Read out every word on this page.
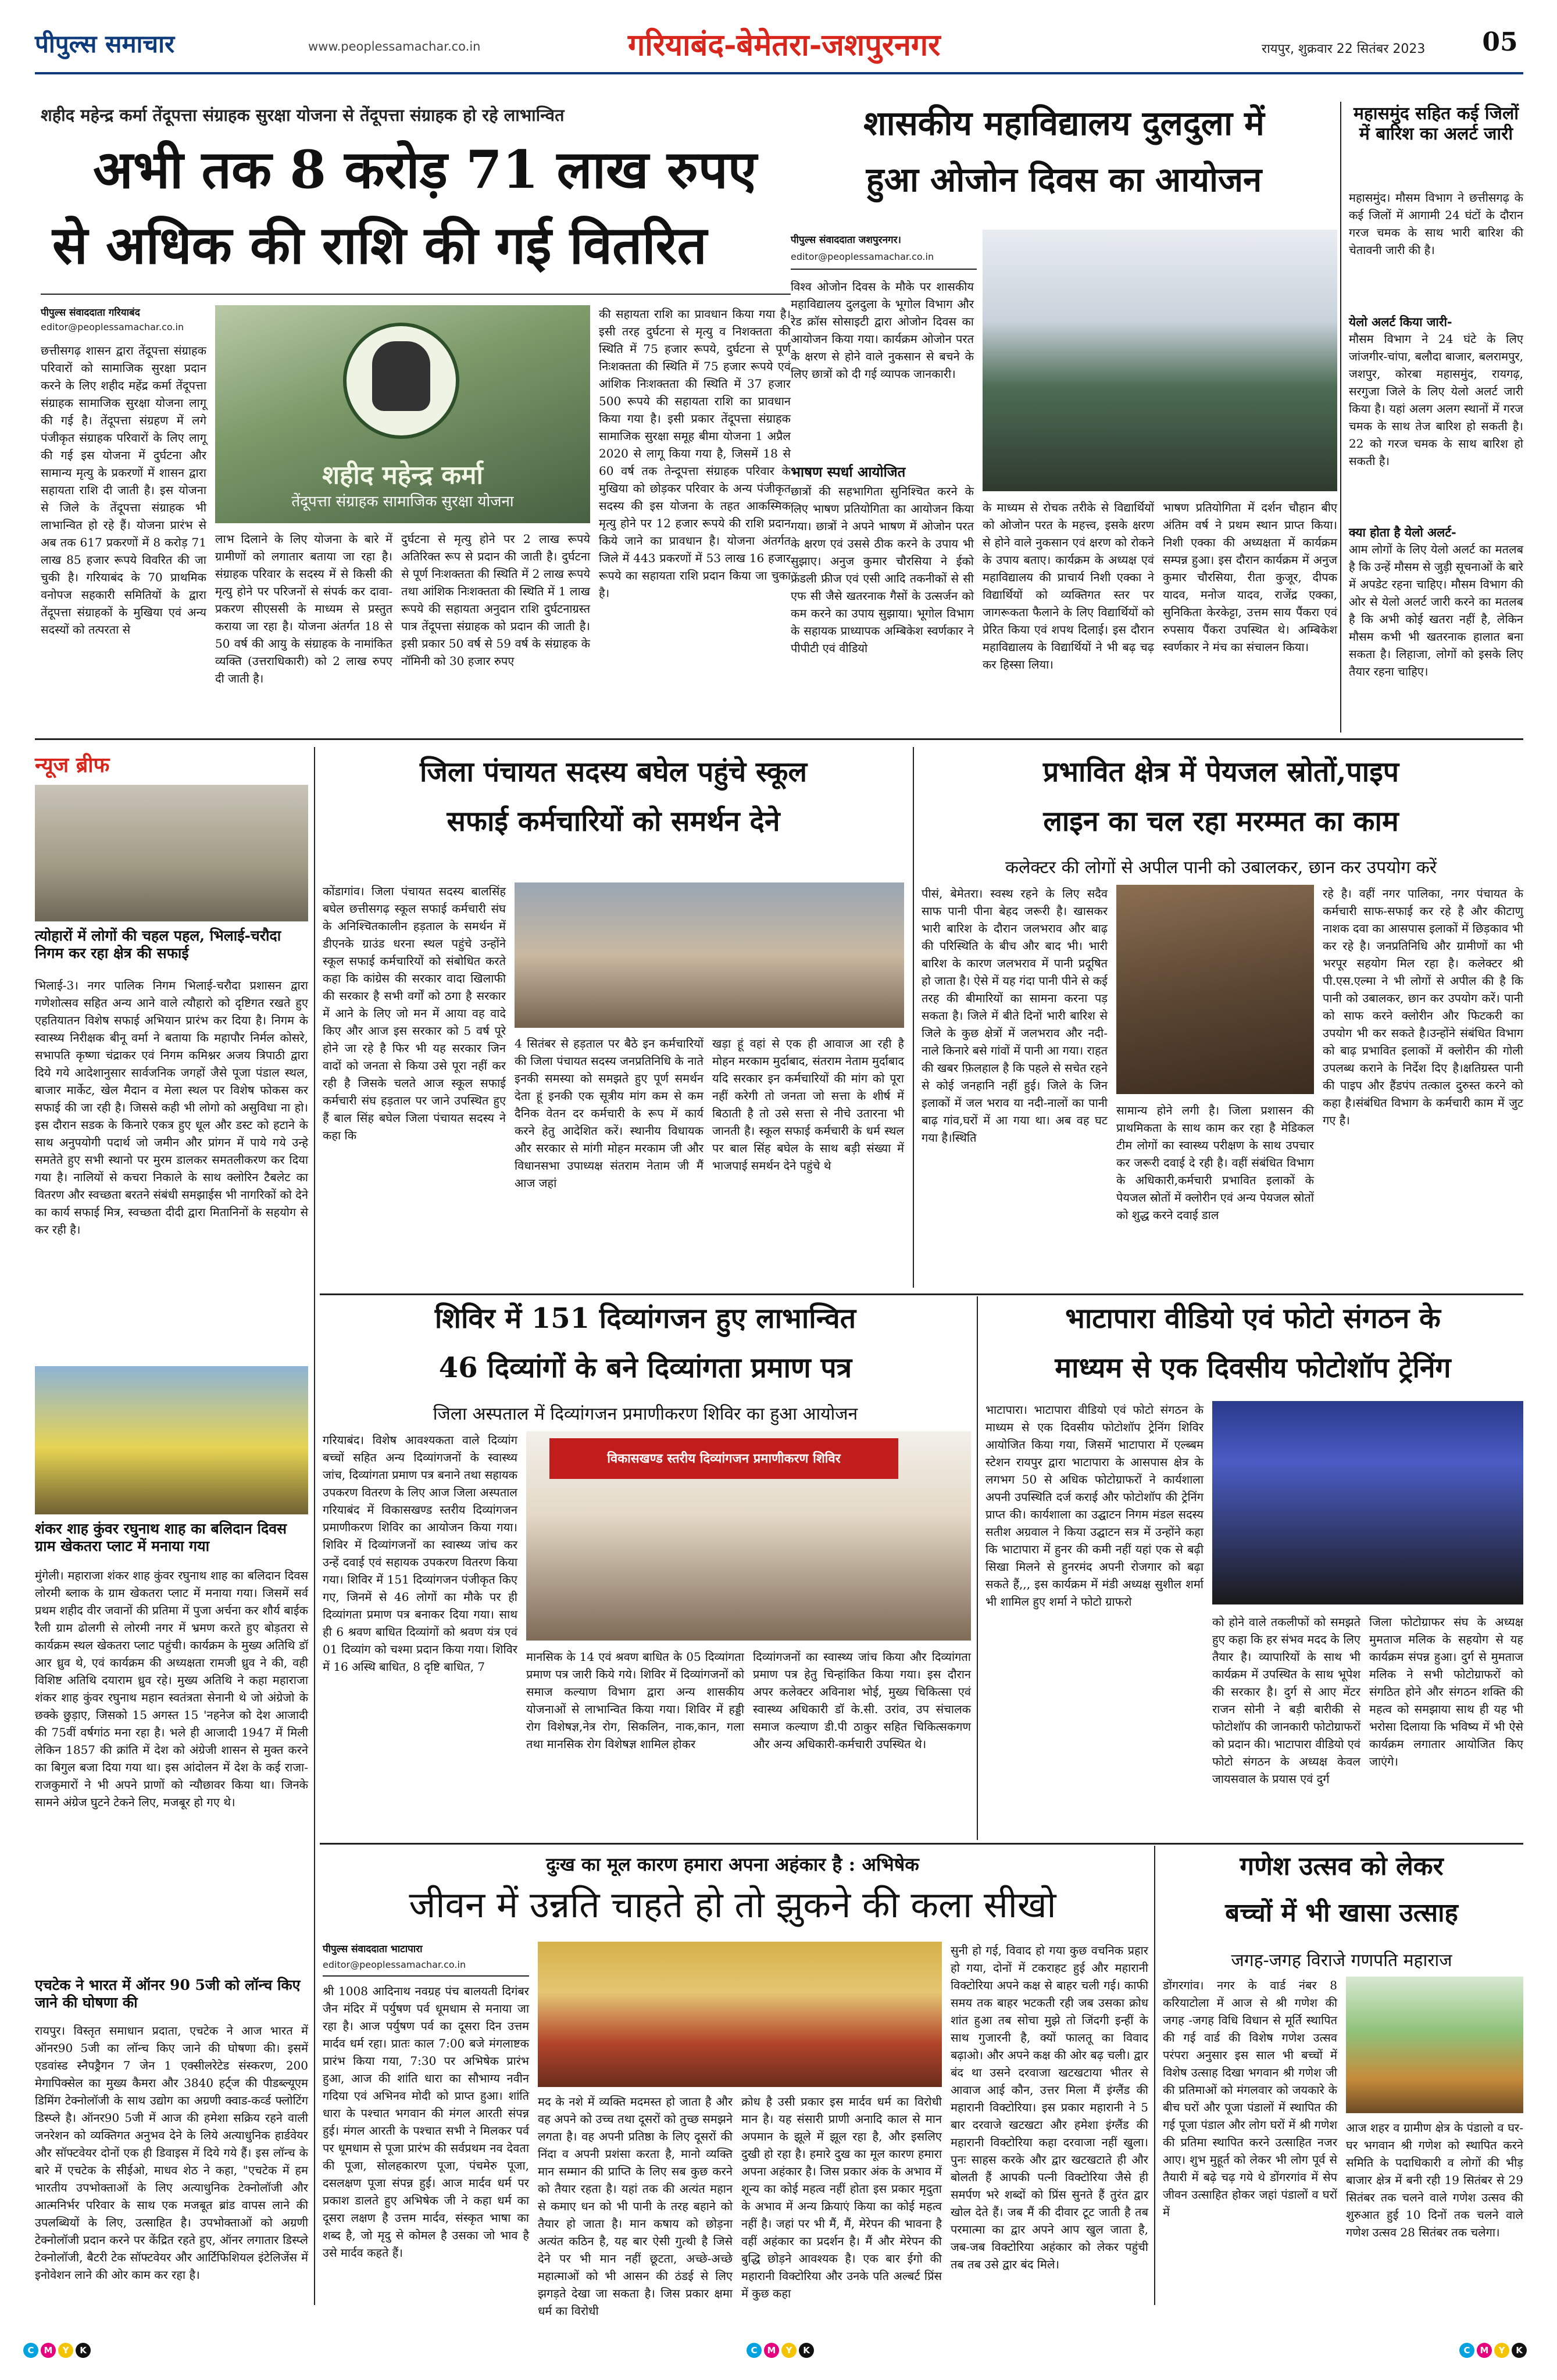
पीपुल्स समाचार	www.peoplessamachar.co.in	गरियाबंद-बेमेतरा-जशपुरनगर	रायपुर, शुक्रवार 22 सितंबर 2023 05
शहीद महेन्द्र कर्मा तेंदूपत्ता संग्राहक सुरक्षा योजना से तेंदूपत्ता संग्राहक हो रहे लाभान्वित
अभी तक 8 करोड़ 71 लाख रुपए
से अधिक की राशि की गई वितरित
पीपुल्स संवाददाता गरियाबंद
editor@peoplessamachar.co.in
छत्तीसगढ़ शासन द्वारा तेंदूपत्ता संग्राहक परिवारों को सामाजिक सुरक्षा प्रदान करने के लिए शहीद महेंद्र कर्मा तेंदूपत्ता संग्राहक सामाजिक सुरक्षा योजना लागू की गई है। तेंदूपत्ता संग्रहण में लगे पंजीकृत संग्राहक परिवारों के लिए लागू की गई इस योजना में दुर्घटना और सामान्य मृत्यु के प्रकरणों में शासन द्वारा सहायता राशि दी जाती है। इस योजना से जिले के तेंदूपत्ता संग्राहक भी लाभान्वित हो रहे हैं। योजना प्रारंभ से अब तक 617 प्रकरणों में 8 करोड़ 71 लाख 85 हजार रूपये विवरित की जा चुकी है। गरियाबंद के 70 प्राथमिक वनोपज सहकारी समितियों के द्वारा तेंदूपत्ता संग्राहकों के मुखिया एवं अन्य सदस्यों को तत्परता से
शहीद महेन्द्र कर्मा
तेंदूपत्ता संग्राहक सामाजिक सुरक्षा योजना
लाभ दिलाने के लिए योजना के बारे में ग्रामीणों को लगातार बताया जा रहा है। संग्राहक परिवार के सदस्य में से किसी की मृत्यु होने पर परिजनों से संपर्क कर दावा-प्रकरण सीएससी के माध्यम से प्रस्तुत कराया जा रहा है। योजना अंतर्गत 18 से 50 वर्ष की आयु के संग्राहक के नामांकित व्यक्ति (उत्तराधिकारी) को 2 लाख रुपए दी जाती है।
दुर्घटना से मृत्यु होने पर 2 लाख रूपये अतिरिक्त रूप से प्रदान की जाती है। दुर्घटना से पूर्ण निःशक्तता की स्थिति में 2 लाख रूपये तथा आंशिक निःशक्तता की स्थिति में 1 लाख रूपये की सहायता अनुदान राशि दुर्घटनाग्रस्त पात्र तेंदूपत्ता संग्राहक को प्रदान की जाती है। इसी प्रकार 50 वर्ष से 59 वर्ष के संग्राहक के नॉमिनी को 30 हजार रुपए
की सहायता राशि का प्रावधान किया गया है। इसी तरह दुर्घटना से मृत्यु व निशक्तता की स्थिति में 75 हजार रूपये, दुर्घटना से पूर्ण निःशक्तता की स्थिति में 75 हजार रूपये एवं आंशिक निःशक्तता की स्थिति में 37 हजार 500 रूपये की सहायता राशि का प्रावधान किया गया है। इसी प्रकार तेंदूपत्ता संग्राहक सामाजिक सुरक्षा समूह बीमा योजना 1 अप्रैल 2020 से लागू किया गया है, जिसमें 18 से 60 वर्ष तक तेन्दूपत्ता संग्राहक परिवार के मुखिया को छोड़कर परिवार के अन्य पंजीकृत सदस्य की इस योजना के तहत आकस्मिक मृत्यु होने पर 12 हजार रूपये की राशि प्रदान किये जाने का प्रावधान है। योजना अंतर्गत जिले में 443 प्रकरणों में 53 लाख 16 हजार रूपये का सहायता राशि प्रदान किया जा चुका है।
शासकीय महाविद्यालय दुलदुला में
हुआ ओजोन दिवस का आयोजन
पीपुल्स संवाददाता जशपुरनगर।
editor@peoplessamachar.co.in
विश्व ओजोन दिवस के मौके पर शासकीय महाविद्यालय दुलदुला के भूगोल विभाग और रेड क्रॉस सोसाइटी द्वारा ओजोन दिवस का आयोजन किया गया। कार्यक्रम ओजोन परत के क्षरण से होने वाले नुकसान से बचने के लिए छात्रों को दी गई व्यापक जानकारी।
भाषण स्पर्धा आयोजित
छात्रों की सहभागिता सुनिश्चित करने के लिए भाषण प्रतियोगिता का आयोजन किया गया। छात्रों ने अपने भाषण में ओजोन परत के क्षरण एवं उससे ठीक करने के उपाय भी सुझाए। अनुज कुमार चौरसिया ने ईको फ्रेंडली फ्रीज एवं एसी आदि तकनीकों से सी एफ सी जैसे खतरनाक गैसों के उत्सर्जन को कम करने का उपाय सुझाया। भूगोल विभाग के सहायक प्राध्यापक अम्बिकेश स्वर्णकार ने पीपीटी एवं वीडियो
के माध्यम से रोचक तरीके से विद्यार्थियों को ओजोन परत के महत्त्व, इसके क्षरण से होने वाले नुकसान एवं क्षरण को रोकने के उपाय बताए। कार्यक्रम के अध्यक्ष एवं महाविद्यालय की प्राचार्य निशी एक्का ने विद्यार्थियों को व्यक्तिगत स्तर पर जागरूकता फैलाने के लिए विद्यार्थियों को प्रेरित किया एवं शपथ दिलाई। इस दौरान महाविद्यालय के विद्यार्थियों ने भी बढ़ चढ़ कर हिस्सा लिया।
भाषण प्रतियोगिता में दर्शन चौहान बीए अंतिम वर्ष ने प्रथम स्थान प्राप्त किया। निशी एक्का की अध्यक्षता में कार्यक्रम सम्पन्न हुआ। इस दौरान कार्यक्रम में अनुज कुमार चौरसिया, रीता कुजूर, दीपक यादव, मनोज यादव, राजेंद्र एक्का, सुनिकिता केरकेट्टा, उत्तम साय पैंकरा एवं रुपसाय पैंकरा उपस्थित थे। अम्बिकेश स्वर्णकार ने मंच का संचालन किया।
महासमुंद सहित कई जिलों में बारिश का अलर्ट जारी
महासमुंद। मौसम विभाग ने छत्तीसगढ़ के कई जिलों में आगामी 24 घंटों के दौरान गरज चमक के साथ भारी बारिश की चेतावनी जारी की है।
येलो अलर्ट किया जारी-
मौसम विभाग ने 24 घंटे के लिए जांजगीर-चांपा, बलौदा बाजार, बलरामपुर, जशपुर, कोरबा महासमुंद, रायगढ़, सरगुजा जिले के लिए येलो अलर्ट जारी किया है। यहां अलग अलग स्थानों में गरज चमक के साथ तेज बारिश हो सकती है। 22 को गरज चमक के साथ बारिश हो सकती है।
क्या होता है येलो अलर्ट-
आम लोगों के लिए येलो अलर्ट का मतलब है कि उन्हें मौसम से जुड़ी सूचनाओं के बारे में अपडेट रहना चाहिए। मौसम विभाग की ओर से येलो अलर्ट जारी करने का मतलब है कि अभी कोई खतरा नहीं है, लेकिन मौसम कभी भी खतरनाक हालात बना सकता है। लिहाजा, लोगों को इसके लिए तैयार रहना चाहिए।
न्यूज ब्रीफ
त्योहारों में लोगों की चहल पहल, भिलाई-चरौदा निगम कर रहा क्षेत्र की सफाई
भिलाई-3। नगर पालिक निगम भिलाई-चरौदा प्रशासन द्वारा गणेशोत्सव सहित अन्य आने वाले त्यौहारो को दृष्टिगत रखते हुए एहतियातन विशेष सफाई अभियान प्रारंभ कर दिया है। निगम के स्वास्थ्य निरीक्षक बीनू वर्मा ने बताया कि महापौर निर्मल कोसरे, सभापति कृष्णा चंद्राकर एवं निगम कमिश्नर अजय त्रिपाठी द्वारा दिये गये आदेशानुसार सार्वजनिक जगहों जैसे पूजा पंडाल स्थल, बाजार मार्केट, खेल मैदान व मेला स्थल पर विशेष फोकस कर सफाई की जा रही है। जिससे कही भी लोगो को असुविधा ना हो। इस दौरान सडक के किनारे एकत्र हुए धूल और डस्ट को हटाने के साथ अनुपयोगी पदार्थ जो जमीन और प्रांगन में पाये गये उन्हे समतेते हुए सभी स्थानो पर मुरम डालकर समतलीकरण कर दिया गया है। नालियों से कचरा निकाले के साथ क्लोरिन टैबलेट का वितरण और स्वच्छता बरतने संबंधी समझाईस भी नागरिकों को देने का कार्य सफाई मित्र, स्वच्छता दीदी द्वारा मितानिनों के सहयोग से कर रही है।
शंकर शाह कुंवर रघुनाथ शाह का बलिदान दिवस ग्राम खेकतरा प्लाट में मनाया गया
मुंगेली। महाराजा शंकर शाह कुंवर रघुनाथ शाह का बलिदान दिवस लोरमी ब्लाक के ग्राम खेकतरा प्लाट में मनाया गया। जिसमें सर्व प्रथम शहीद वीर जवानों की प्रतिमा में पुजा अर्चना कर शौर्य बाईक रैली ग्राम ढोलगी से लोरमी नगर में भ्रमण करते हुए बोड़तरा से कार्यक्रम स्थल खेकतरा प्लाट पहुंची। कार्यक्रम के मुख्य अतिथि डॉ आर ध्रुव थे, एवं कार्यक्रम की अध्यक्षता रामजी ध्रुव ने की, वही विशिष्ट अतिथि दयाराम ध्रुव रहे। मुख्य अतिथि ने कहा महाराजा शंकर शाह कुंवर रघुनाथ महान स्वतंत्रता सेनानी थे जो अंग्रेजो के छक्के छुड़ाए, जिसको 15 अगस्त 15 'नहनेज को देश आजादी की 75वीं वर्षगांठ मना रहा है। भले ही आजादी 1947 में मिली लेकिन 1857 की क्रांति में देश को अंग्रेजी शासन से मुक्त करने का बिगुल बजा दिया गया था। इस आंदोलन में देश के कई राजा-राजकुमारों ने भी अपने प्राणों को न्यौछावर किया था। जिनके सामने अंग्रेज घुटने टेकने लिए, मजबूर हो गए थे।
एचटेक ने भारत में ऑनर 90 5जी को लॉन्च किए जाने की घोषणा की
रायपुर। विस्तृत समाधान प्रदाता, एचटेक ने आज भारत में ऑनर90 5जी का लॉन्च किए जाने की घोषणा की। इसमें एडवांस्ड स्नैपड्रैगन 7 जेन 1 एक्सीलरेटेड संस्करण, 200 मेगापिक्सेल का मुख्य कैमरा और 3840 हर्ट्ज की पीडब्ल्यूएम डिमिंग टेक्नोलॉजी के साथ उद्योग का अग्रणी क्वाड-कर्व्ड फ्लोटिंग डिस्प्ले है। ऑनर90 5जी में आज की हमेशा सक्रिय रहने वाली जनरेशन को व्यक्तिगत अनुभव देने के लिये अत्याधुनिक हार्डवेयर और सॉफ्टवेयर दोनों एक ही डिवाइस में दिये गये हैं। इस लॉन्च के बारे में एचटेक के सीईओ, माधव शेठ ने कहा, "एचटेक में हम भारतीय उपभोक्ताओं के लिए अत्याधुनिक टेक्नोलॉजी और आत्मनिर्भर परिवार के साथ एक मजबूत ब्रांड वापस लाने की उपलब्धियों के लिए, उत्साहित है। उपभोक्ताओं को अग्रणी टेक्नोलॉजी प्रदान करने पर केंद्रित रहते हुए, ऑनर लगातार डिस्प्ले टेक्नोलॉजी, बैटरी टेक सॉफ्टवेयर और आर्टिफिशियल इंटेलिजेंस में इनोवेशन लाने की ओर काम कर रहा है।
जिला पंचायत सदस्य बघेल पहुंचे स्कूल
सफाई कर्मचारियों को समर्थन देने
कोंडागांव। जिला पंचायत सदस्य बालसिंह बघेल छत्तीसगढ़ स्कूल सफाई कर्मचारी संघ के अनिश्चितकालीन हड़ताल के समर्थन में डीएनके ग्राउंड धरना स्थल पहुंचे उन्होंने स्कूल सफाई कर्मचारियों को संबोधित करते कहा कि कांग्रेस की सरकार वादा खिलाफी की सरकार है सभी वर्गों को ठगा है सरकार में आने के लिए जो मन में आया वह वादे किए और आज इस सरकार को 5 वर्ष पूरे होने जा रहे है फिर भी यह सरकार जिन वादों को जनता से किया उसे पूरा नहीं कर रही है जिसके चलते आज स्कूल सफाई कर्मचारी संघ हड़ताल पर जाने उपस्थित हुए हैं बाल सिंह बघेल जिला पंचायत सदस्य ने कहा कि
4 सितंबर से हड़ताल पर बैठे इन कर्मचारियों की जिला पंचायत सदस्य जनप्रतिनिधि के नाते इनकी समस्या को समझते हुए पूर्ण समर्थन देता हूं इनकी एक सूत्रीय मांग कम से कम दैनिक वेतन दर कर्मचारी के रूप में कार्य करने हेतु आदेशित करें। स्थानीय विधायक और सरकार से मांगी मोहन मरकाम जी और विधानसभा उपाध्यक्ष संतराम नेताम जी मैं आज जहां
खड़ा हूं वहां से एक ही आवाज आ रही है मोहन मरकाम मुर्दाबाद, संतराम नेताम मुर्दाबाद यदि सरकार इन कर्मचारियों की मांग को पूरा नहीं करेगी तो जनता जो सत्ता के शीर्ष में बिठाती है तो उसे सत्ता से नीचे उतारना भी जानती है। स्कूल सफाई कर्मचारी के धर्म स्थल पर बाल सिंह बघेल के साथ बड़ी संख्या में भाजपाई समर्थन देने पहुंचे थे
प्रभावित क्षेत्र में पेयजल स्रोतों,पाइप
लाइन का चल रहा मरम्मत का काम
कलेक्टर की लोगों से अपील पानी को उबालकर, छान कर उपयोग करें
पीसं, बेमेतरा। स्वस्थ रहने के लिए सदैव साफ पानी पीना बेहद जरूरी है। खासकर भारी बारिश के दौरान जलभराव और बाढ़ की परिस्थिति के बीच और बाद भी। भारी बारिश के कारण जलभराव में पानी प्रदूषित हो जाता है। ऐसे में यह गंदा पानी पीने से कई तरह की बीमारियों का सामना करना पड़ सकता है। जिले में बीते दिनों भारी बारिश से जिले के कुछ क्षेत्रों में जलभराव और नदी-नाले किनारे बसे गांवों में पानी आ गया। राहत की खबर फ़िलहाल है कि पहले से सचेत रहने से कोई जनहानि नहीं हुई। जिले के जिन इलाकों में जल भराव या नदी-नालों का पानी बाढ़ गांव,घरों में आ गया था। अब वह घट गया है।स्थिति
सामान्य होने लगी है। जिला प्रशासन की प्राथमिकता के साथ काम कर रहा है मेडिकल टीम लोगों का स्वास्थ्य परीक्षण के साथ उपचार कर जरूरी दवाई दे रही है। वहीं संबंधित विभाग के अधिकारी,कर्मचारी प्रभावित इलाकों के पेयजल स्रोतों में क्लोरीन एवं अन्य पेयजल स्रोतों को शुद्ध करने दवाई डाल
रहे है। वहीं नगर पालिका, नगर पंचायत के कर्मचारी साफ-सफाई कर रहे है और कीटाणु नाशक दवा का आसपास इलाकों में छिड़काव भी कर रहे है। जनप्रतिनिधि और ग्रामीणों का भी भरपूर सहयोग मिल रहा है। कलेक्टर श्री पी.एस.एल्मा ने भी लोगों से अपील की है कि पानी को उबालकर, छान कर उपयोग करें। पानी को साफ करने क्लोरीन और फिटकरी का उपयोग भी कर सकते है।उन्होंने संबंधित विभाग को बाढ़ प्रभावित इलाकों में क्लोरीन की गोली उपलब्ध कराने के निर्देश दिए है।क्षतिग्रस्त पानी की पाइप और हैंडपंप तत्काल दुरुस्त करने को कहा है।संबंधित विभाग के कर्मचारी काम में जुट गए है।
शिविर में 151 दिव्यांगजन हुए लाभान्वित
46 दिव्यांगों के बने दिव्यांगता प्रमाण पत्र
जिला अस्पताल में दिव्यांगजन प्रमाणीकरण शिविर का हुआ आयोजन
गरियाबंद। विशेष आवश्यकता वाले दिव्यांग बच्चों सहित अन्य दिव्यांगजनों के स्वास्थ्य जांच, दिव्यांगता प्रमाण पत्र बनाने तथा सहायक उपकरण वितरण के लिए आज जिला अस्पताल गरियाबंद में विकासखण्ड स्तरीय दिव्यांगजन प्रमाणीकरण शिविर का आयोजन किया गया। शिविर में दिव्यांगजनों का स्वास्थ्य जांच कर उन्हें दवाई एवं सहायक उपकरण वितरण किया गया। शिविर में 151 दिव्यांगजन पंजीकृत किए गए, जिनमें से 46 लोगों का मौके पर ही दिव्यांगता प्रमाण पत्र बनाकर दिया गया। साथ ही 6 श्रवण बाधित दिव्यांगों को श्रवण यंत्र एवं 01 दिव्यांग को चश्मा प्रदान किया गया। शिविर में 16 अस्थि बाधित, 8 दृष्टि बाधित, 7
विकासखण्ड स्तरीय दिव्यांगजन प्रमाणीकरण शिविर
मानसिक के 14 एवं श्रवण बाधित के 05 दिव्यांगता प्रमाण पत्र जारी किये गये। शिविर में दिव्यांगजनों को समाज कल्याण विभाग द्वारा अन्य शासकीय योजनाओं से लाभान्वित किया गया। शिविर में हड्डी रोग विशेषज्ञ,नेत्र रोग, सिकलिन, नाक,कान, गला तथा मानसिक रोग विशेषज्ञ शामिल होकर
दिव्यांगजनों का स्वास्थ्य जांच किया और दिव्यांगता प्रमाण पत्र हेतु चिन्हांकित किया गया। इस दौरान अपर कलेक्टर अविनाश भोई, मुख्य चिकित्सा एवं स्वास्थ्य अधिकारी डॉ के.सी. उरांव, उप संचालक समाज कल्याण डी.पी ठाकुर सहित चिकित्सकगण और अन्य अधिकारी-कर्मचारी उपस्थित थे।
भाटापारा वीडियो एवं फोटो संगठन के
माध्यम से एक दिवसीय फोटोशॉप ट्रेनिंग
भाटापारा। भाटापारा वीडियो एवं फोटो संगठन के माध्यम से एक दिवसीय फोटोशॉप ट्रेनिंग शिविर आयोजित किया गया, जिसमें भाटापारा में एल्ब्बम स्टेशन रायपुर द्वारा भाटापारा के आसपास क्षेत्र के लगभग 50 से अधिक फोटोग्राफरों ने कार्यशाला अपनी उपस्थिति दर्ज कराई और फोटोशॉप की ट्रेनिंग प्राप्त की। कार्यशाला का उद्घाटन निगम मंडल सदस्य सतीश अग्रवाल ने किया उद्घाटन सत्र में उन्होंने कहा कि भाटापारा में हुनर की कमी नहीं यहां एक से बढ़ी सिखा मिलने से हुनरमंद अपनी रोजगार को बढ़ा सकते हैं,,, इस कार्यक्रम में मंडी अध्यक्ष सुशील शर्मा भी शामिल हुए शर्मा ने फोटो ग्राफरो
को होने वाले तकलीफों को समझते हुए कहा कि हर संभव मदद के लिए तैयार है। व्यापारियों के साथ भी कार्यक्रम में उपस्थित के साथ भूपेश की सरकार है। दुर्ग से आए मेंटर राजन सोनी ने बड़ी बारीकी से फोटोशॉप की जानकारी फोटोग्राफरों को प्रदान की। भाटापारा वीडियो एवं फोटो संगठन के अध्यक्ष केवल जायसवाल के प्रयास एवं दुर्ग
जिला फोटोग्राफर संघ के अध्यक्ष मुमताज मलिक के सहयोग से यह कार्यक्रम संपन्न हुआ। दुर्ग से मुमताज मलिक ने सभी फोटोग्राफरों को संगठित होने और संगठन शक्ति की महत्व को समझाया साथ ही यह भी भरोसा दिलाया कि भविष्य में भी ऐसे कार्यक्रम लगातार आयोजित किए जाएंगे।
दुःख का मूल कारण हमारा अपना अहंकार है : अभिषेक
जीवन में उन्नति चाहते हो तो झुकने की कला सीखो
पीपुल्स संवाददाता भाटापारा
editor@peoplessamachar.co.in
श्री 1008 आदिनाथ नवग्रह पंच बालयती दिगंबर जैन मंदिर में पर्युषण पर्व धूमधाम से मनाया जा रहा है। आज पर्युषण पर्व का दूसरा दिन उत्तम मार्दव धर्म रहा। प्रातः काल 7:00 बजे मंगलाष्टक प्रारंभ किया गया, 7:30 पर अभिषेक प्रारंभ हुआ, आज की शांति धारा का सौभाग्य नवीन गदिया एवं अभिनव मोदी को प्राप्त हुआ। शांति धारा के पश्चात भगवान की मंगल आरती संपन्न हुई। मंगल आरती के पश्चात सभी ने मिलकर पर्व पर धूमधाम से पूजा प्रारंभ की सर्वप्रथम नव देवता की पूजा, सोलहकारण पूजा, पंचमेरु पूजा, दसलक्षण पूजा संपन्न हुई। आज मार्दव धर्म पर प्रकाश डालते हुए अभिषेक जी ने कहा धर्म का दूसरा लक्षण है उत्तम मार्दव, संस्कृत भाषा का शब्द है, जो मृदु से कोमल है उसका जो भाव है उसे मार्दव कहते हैं।
मद के नशे में व्यक्ति मदमस्त हो जाता है और वह अपने को उच्च तथा दूसरों को तुच्छ समझने लगता है। वह अपनी प्रतिष्ठा के लिए दूसरों की निंदा व अपनी प्रशंसा करता है, मानो व्यक्ति मान सम्मान की प्राप्ति के लिए सब कुछ करने को तैयार रहता है। यहां तक की अत्यंत महान से कमाए धन को भी पानी के तरह बहाने को तैयार हो जाता है। मान कषाय को छोड़ना अत्यंत कठिन है, यह बार ऐसी गुत्थी है जिसे देने पर भी मान नहीं छूटता, अच्छे-अच्छे महात्माओं को भी आसन की ठंडई से लिए झगड़ते देखा जा सकता है। जिस प्रकार क्षमा धर्म का विरोधी
क्रोध है उसी प्रकार इस मार्दव धर्म का विरोधी मान है। यह संसारी प्राणी अनादि काल से मान अपमान के झूले में झूल रहा है, और इसलिए दुखी हो रहा है। हमारे दुख का मूल कारण हमारा अपना अहंकार है। जिस प्रकार अंक के अभाव में शून्य का कोई महत्व नहीं होता इस प्रकार मृदुता के अभाव में अन्य क्रियाएं किया का कोई महत्व नहीं है। जहां पर भी मैं, मैं, मेरेपन की भावना है वहीं अहंकार का प्रदर्शन है। मैं और मेरेपन की बुद्धि छोड़ने आवश्यक है। एक बार ईगो की महारानी विक्टोरिया और उनके पति अल्बर्ट प्रिंस में कुछ कहा
सुनी हो गई, विवाद हो गया कुछ वचनिक प्रहार हो गया, दोनों में टकराहट हुई और महारानी विक्टोरिया अपने कक्ष से बाहर चली गई। काफी समय तक बाहर भटकती रही जब उसका क्रोध शांत हुआ तब सोचा मुझे तो जिंदगी इन्हीं के साथ गुजारनी है, क्यों फालतू का विवाद बढ़ाओ। और अपने कक्ष की ओर बढ़ चली। द्वार बंद था उसने दरवाजा खटखटाया भीतर से आवाज आई कौन, उत्तर मिला मैं इंग्लैंड की महारानी विक्टोरिया। इस प्रकार महारानी ने 5 बार दरवाजे खटखटा और हमेशा इंग्लैंड की महारानी विक्टोरिया कहा दरवाजा नहीं खुला। पुनः साहस करके और द्वार खटखटाते ही और बोलती हैं आपकी पत्नी विक्टोरिया जैसे ही समर्पण भरे शब्दों को प्रिंस सुनते हैं तुरंत द्वार खोल देते हैं। जब मैं की दीवार टूट जाती है तब परमात्मा का द्वार अपने आप खुल जाता है, जब-जब विक्टोरिया अहंकार को लेकर पहुंची तब तब उसे द्वार बंद मिले।
गणेश उत्सव को लेकर
बच्चों में भी खासा उत्साह
जगह-जगह विराजे गणपति महाराज
डोंगरगांव। नगर के वार्ड नंबर 8 करियाटोला में आज से श्री गणेश की जगह -जगह विधि विधान से मूर्ति स्थापित की गई वार्ड की विशेष गणेश उत्सव परंपरा अनुसार इस साल भी बच्चों में विशेष उत्साह दिखा भगवान श्री गणेश जी की प्रतिमाओं को मंगलवार को जयकारे के बीच घरों और पूजा पंडालों में स्थापित की गई पूजा पंडाल और लोग घरों में श्री गणेश की प्रतिमा स्थापित करने उत्साहित नजर आए। शुभ मुहूर्त को लेकर भी लोग पूर्व से तैयारी में बढ़े चढ़ गये थे डोंगरगांव में सेप जीवन उत्साहित होकर जहां पंडालों व घरों में
आज शहर व ग्रामीण क्षेत्र के पंडालो व घर-घर भगवान श्री गणेश को स्थापित करने समिति के पदाधिकारी व लोगों की भीड़ बाजार क्षेत्र में बनी रही 19 सितंबर से 29 सितंबर तक चलने वाले गणेश उत्सव की शुरुआत हुई 10 दिनों तक चलने वाले गणेश उत्सव 28 सितंबर तक चलेगा।
C	M	Y	K	C	M	Y	K	C	M	Y	K
